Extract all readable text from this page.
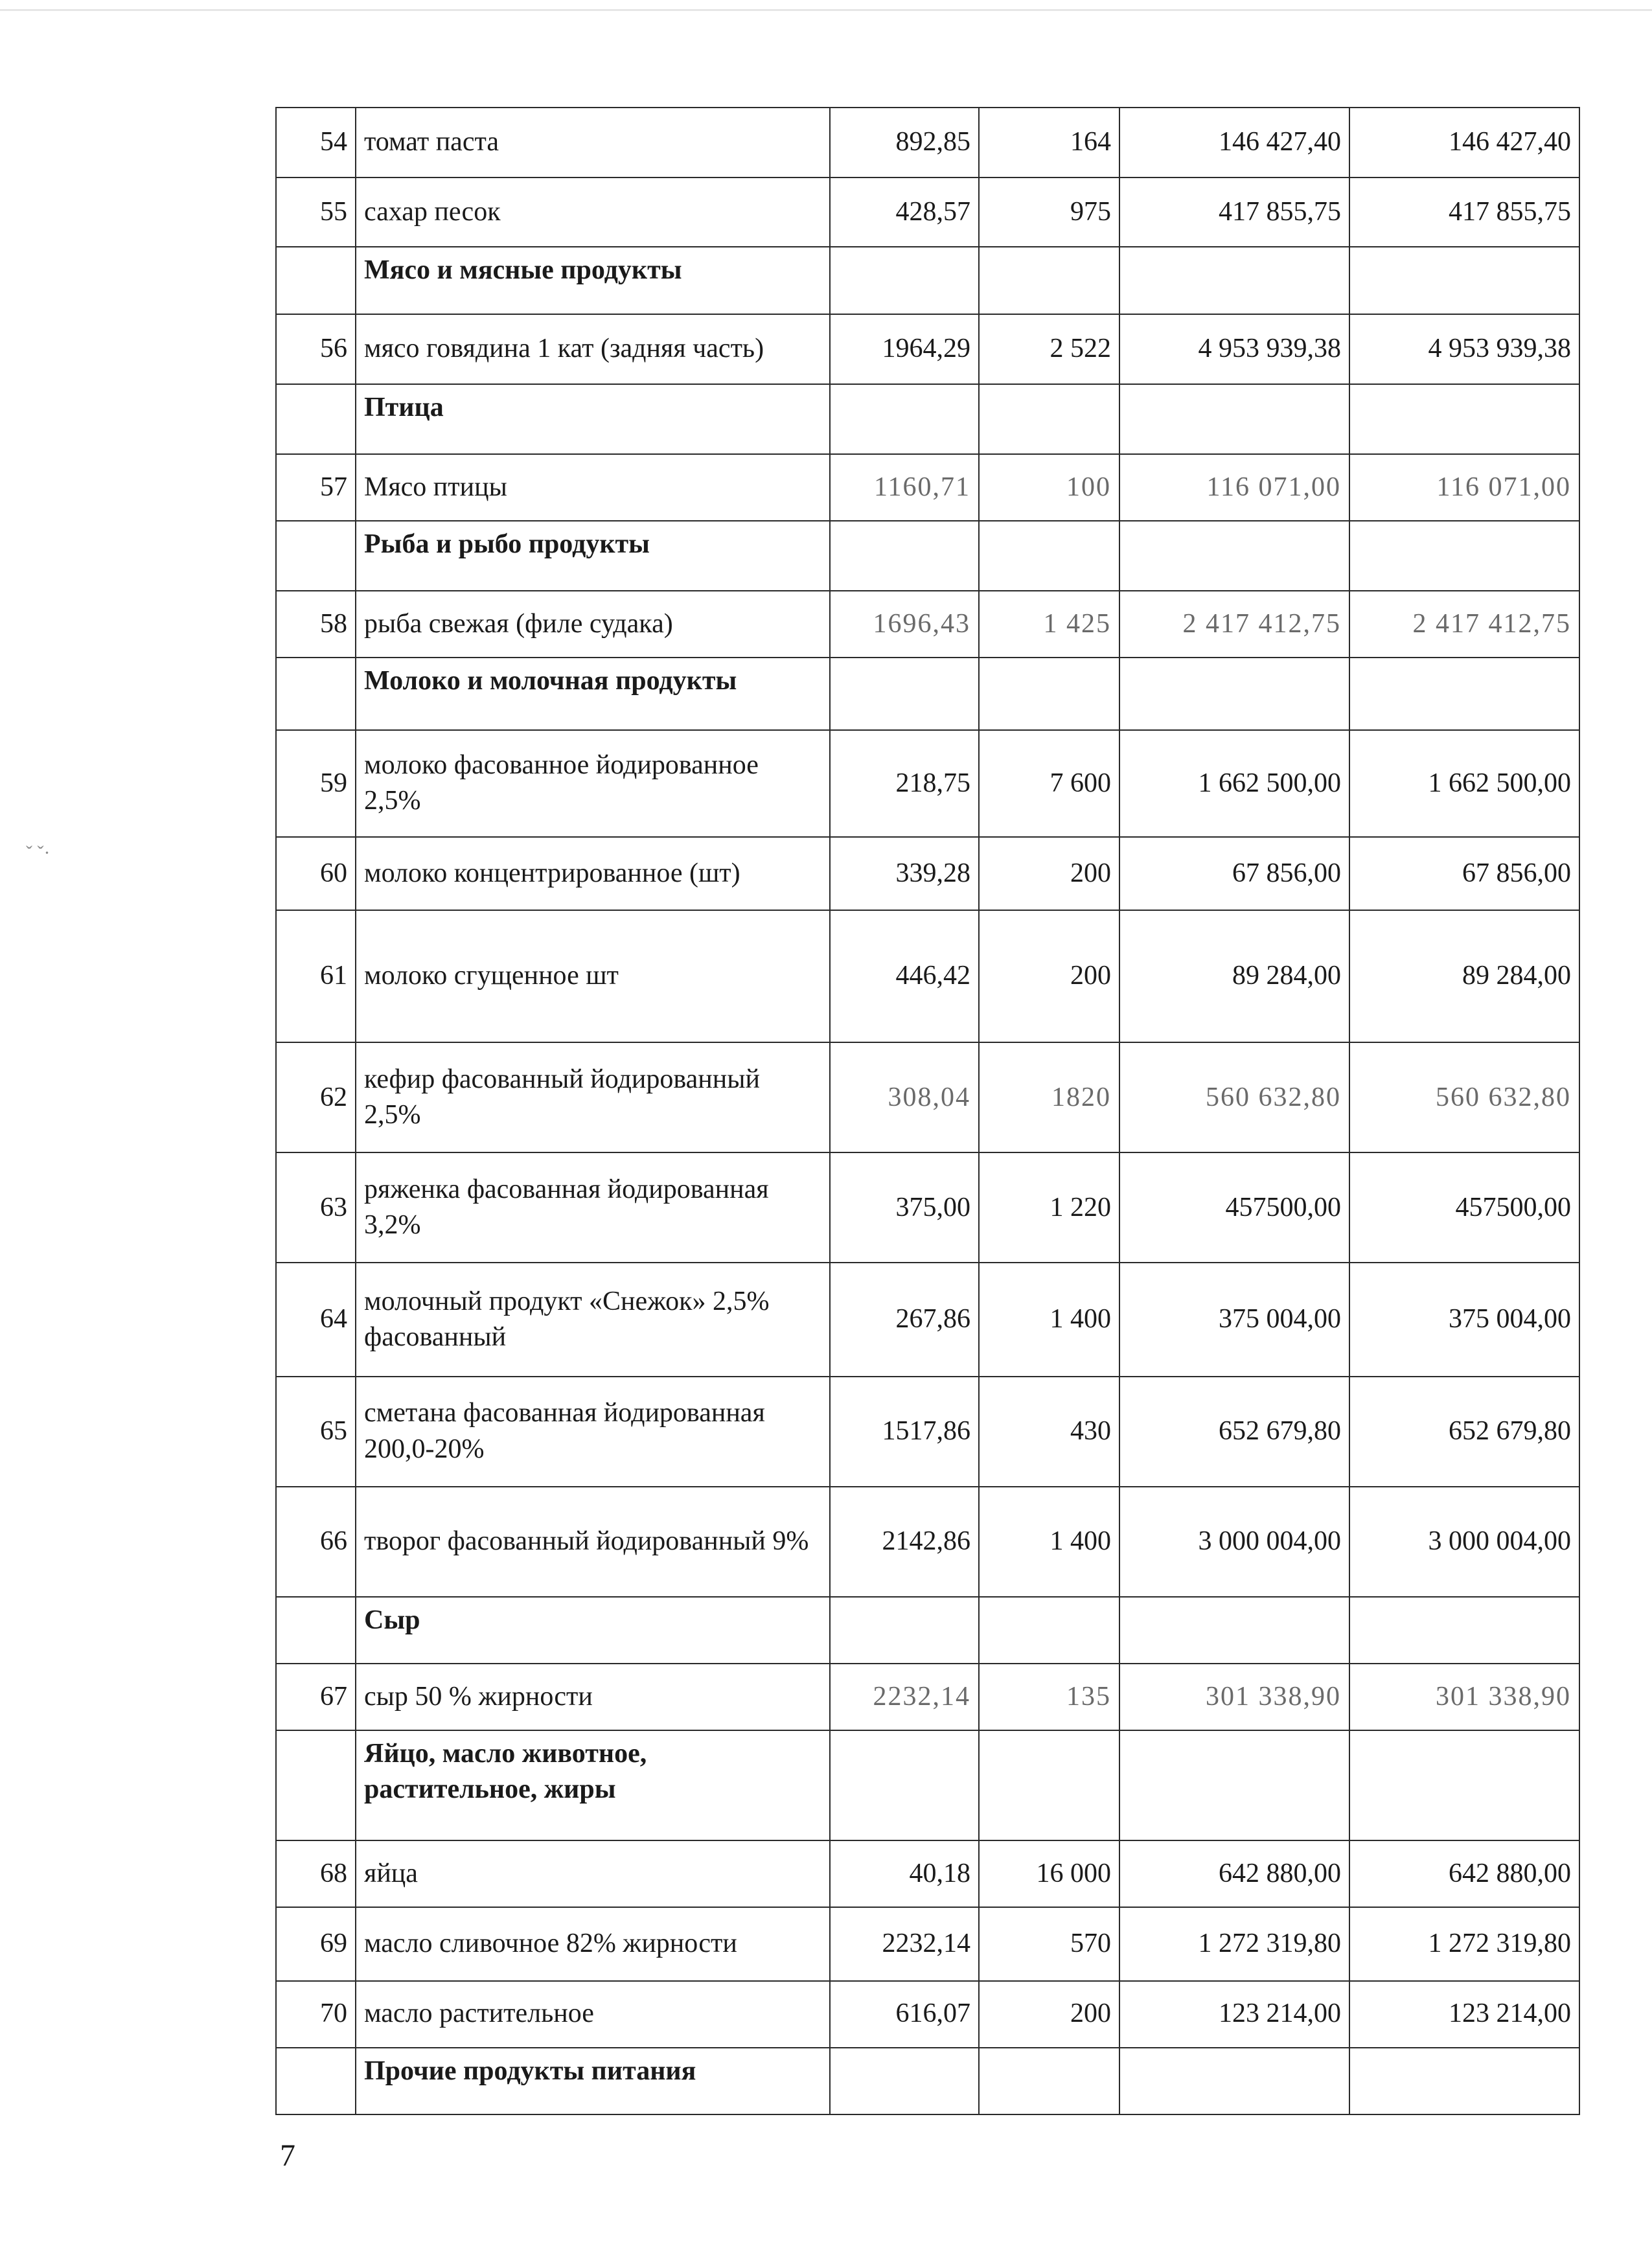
ˇ ˇ·
54	томат паста	892,85	164	146 427,40	146 427,40
55	сахар песок	428,57	975	417 855,75	417 855,75
	Мясо и мясные продукты				
56	мясо говядина 1 кат (задняя часть)	1964,29	2 522	4 953 939,38	4 953 939,38
	Птица				
57	Мясо птицы	1160,71	100	116 071,00	116 071,00
	Рыба и рыбо продукты				
58	рыба свежая (филе судака)	1696,43	1 425	2 417 412,75	2 417 412,75
	Молоко и молочная продукты				
59	молоко фасованное йодированное 2,5%	218,75	7 600	1 662 500,00	1 662 500,00
60	молоко концентрированное (шт)	339,28	200	67 856,00	67 856,00
61	молоко сгущенное шт	446,42	200	89 284,00	89 284,00
62	кефир фасованный йодированный 2,5%	308,04	1820	560 632,80	560 632,80
63	ряженка фасованная йодированная 3,2%	375,00	1 220	457500,00	457500,00
64	молочный продукт «Снежок» 2,5% фасованный	267,86	1 400	375 004,00	375 004,00
65	сметана фасованная йодированная 200,0-20%	1517,86	430	652 679,80	652 679,80
66	творог фасованный йодированный 9%	2142,86	1 400	3 000 004,00	3 000 004,00
	Сыр				
67	сыр 50 % жирности	2232,14	135	301 338,90	301 338,90
	Яйцо, масло животное, растительное, жиры				
68	яйца	40,18	16 000	642 880,00	642 880,00
69	масло сливочное 82% жирности	2232,14	570	1 272 319,80	1 272 319,80
70	масло растительное	616,07	200	123 214,00	123 214,00
	Прочие продукты питания				
7
